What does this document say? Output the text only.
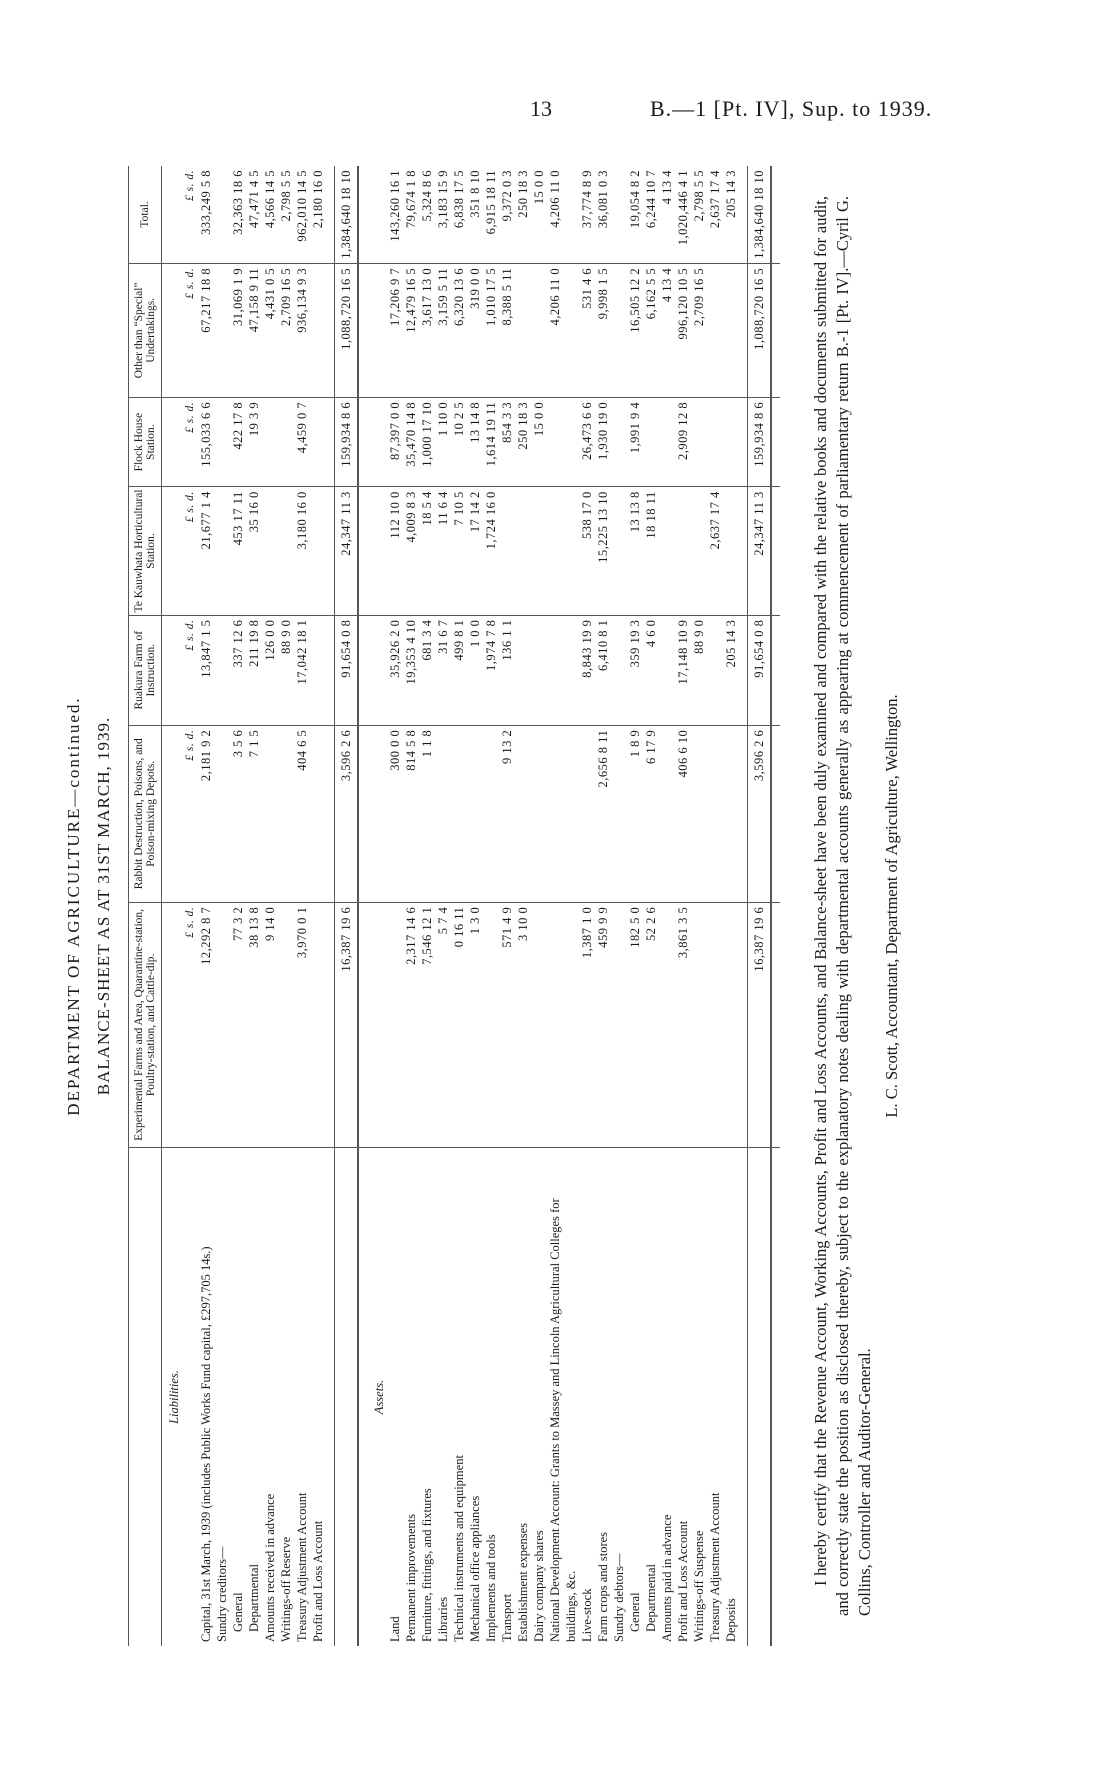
13	B.—1 [Pt. IV], Sup. to 1939.
DEPARTMENT OF AGRICULTURE—continued. BALANCE-SHEET AS AT 31ST MARCH, 1939.
	Experimental Farms and Area, Quarantine-station, Poultry-station, and Cattle-dip.	Rabbit Destruction, Poisons, and Poison-mixing Depots.	Ruakura Farm of Instruction.	Te Kauwhata Horticultural Station.	Flock House Station.	Other than “Special” Undertakings.	Total.
Liabilities.							
	£ s. d.	£ s. d.	£ s. d.	£ s. d.	£ s. d.	£ s. d.	£ s. d.
Capital, 31st March, 1939 (includes Public Works Fund capital, £297,705 14s.)	12,292 8 7	2,181 9 2	13,847 1 5	21,677 1 4	155,033 6 6	67,217 18 8	333,249 5 8
Sundry creditors—							
General	77 3 2	3 5 6	337 12 6	453 17 11	422 17 8	31,069 1 9	32,363 18 6
Departmental	38 13 8	7 1 5	211 19 8	35 16 0	19 3 9	47,158 9 11	47,471 4 5
Amounts received in advance	9 14 0		126 0 0			4,431 0 5	4,566 14 5
Writings-off Reserve			88 9 0			2,709 16 5	2,798 5 5
Treasury Adjustment Account	3,970 0 1	404 6 5	17,042 18 1	3,180 16 0	4,459 0 7	936,134 9 3	962,010 14 5
Profit and Loss Account							2,180 16 0

	16,387 19 6	3,596 2 6	91,654 0 8	24,347 11 3	159,934 8 6	1,088,720 16 5	1,384,640 18 10

Assets.							
Land		300 0 0	35,926 2 0	112 10 0	87,397 0 0	17,206 9 7	143,260 16 1
Permanent improvements	2,317 14 6	814 5 8	19,353 4 10	4,009 8 3	35,470 14 8	12,479 16 5	79,674 1 8
Furniture, fittings, and fixtures	7,546 12 1	1 1 8	681 3 4	18 5 4	1,000 17 10	3,617 13 0	5,324 8 6
Libraries	5 7 4		31 6 7	11 6 4	1 10 0	3,159 5 11	3,183 15 9
Technical instruments and equipment	0 16 11		499 8 1	7 10 5	10 2 5	6,320 13 6	6,838 17 5
Mechanical office appliances	1 3 0		1 0 0	17 14 2	13 14 8	319 0 0	351 8 10
Implements and tools			1,974 7 8	1,724 16 0	1,614 19 11	1,010 17 5	6,915 18 11
Transport	571 4 9	9 13 2	136 1 1		854 3 3	8,388 5 11	9,372 0 3
Establishment expenses	3 10 0				250 18 3		250 18 3
Dairy company shares					15 0 0		15 0 0
National Development Account: Grants to Massey and Lincoln Agricultural Colleges for buildings, &c.						4,206 11 0	4,206 11 0
Live-stock	1,387 1 0		8,843 19 9	538 17 0	26,473 6 6	531 4 6	37,774 8 9
Farm crops and stores	459 9 9	2,656 8 11	6,410 8 1	15,225 13 10	1,930 19 0	9,998 1 5	36,081 0 3
Sundry debtors—							
General	182 5 0	1 8 9	359 19 3	13 13 8	1,991 9 4	16,505 12 2	19,054 8 2
Departmental	52 2 6	6 17 9	4 6 0	18 18 11		6,162 5 5	6,244 10 7
Amounts paid in advance						4 13 4	4 13 4
Profit and Loss Account	3,861 3 5	406 6 10	17,148 10 9		2,909 12 8	996,120 10 5	1,020,446 4 1
Writings-off Suspense			88 9 0			2,709 16 5	2,798 5 5
Treasury Adjustment Account				2,637 17 4			2,637 17 4
Deposits			205 14 3				205 14 3

	16,387 19 6	3,596 2 6	91,654 0 8	24,347 11 3	159,934 8 6	1,088,720 16 5	1,384,640 18 10
								I hereby certify that the Revenue Account, Working Accounts, Profit and Loss Accounts, and Balance-sheet have been duly examined and compared with the relative books and documents submitted for audit, and correctly state the position as disclosed thereby, subject to the explanatory notes dealing with departmental accounts generally as appearing at commencement of parliamentary return B.-1 [Pt. IV].—Cyril G. Collins, Controller and Auditor-General.
L. C. Scott, Accountant, Department of Agriculture, Wellington.
